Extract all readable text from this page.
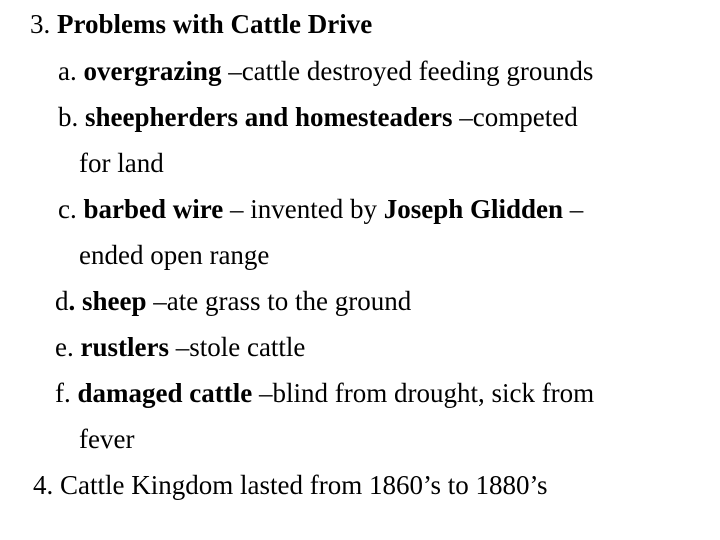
3. Problems with Cattle Drive
a. overgrazing –cattle destroyed feeding grounds
b. sheepherders and homesteaders –competed
for land
c. barbed wire – invented by Joseph Glidden –
ended open range
d. sheep –ate grass to the ground
e. rustlers –stole cattle
f. damaged cattle –blind from drought, sick from
fever
4. Cattle Kingdom lasted from 1860’s to 1880’s
